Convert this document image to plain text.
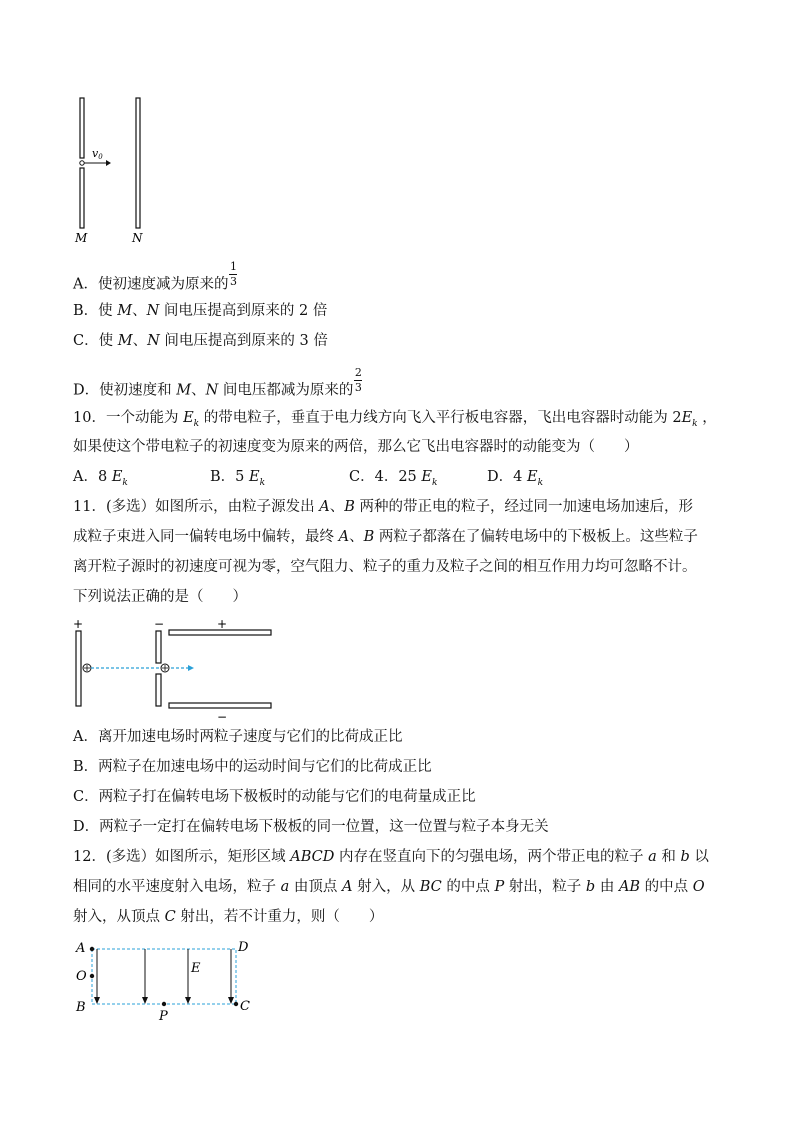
v0
M	N
A．使初速度减为原来的 $\frac{1}{3}$
B．使 M、N 间电压提高到原来的 2 倍
C．使 M、N 间电压提高到原来的 3 倍
D．使初速度和 M、N 间电压都减为原来的 $\frac{2}{3}$
10．一个动能为 $E_k$ 的带电粒子，垂直于电力线方向飞入平行板电容器，飞出电容器时动能为 $2E_k$ ，
如果使这个带电粒子的初速度变为原来的两倍，那么它飞出电容器时的动能变为（　　）
A．8 $E_k$	B．5 $E_k$	C．4．25 $E_k$	D．4 $E_k$
11．(多选）如图所示，由粒子源发出 A、B 两种的带正电的粒子，经过同一加速电场加速后，形
成粒子束进入同一偏转电场中偏转，最终 A、B 两粒子都落在了偏转电场中的下极板上。这些粒子
离开粒子源时的初速度可视为零，空气阻力、粒子的重力及粒子之间的相互作用力均可忽略不计。
下列说法正确的是（　　）
+	−	+
−
A．离开加速电场时两粒子速度与它们的比荷成正比
B．两粒子在加速电场中的运动时间与它们的比荷成正比
C．两粒子打在偏转电场下极板时的动能与它们的电荷量成正比
D．两粒子一定打在偏转电场下极板的同一位置，这一位置与粒子本身无关
12．(多选）如图所示，矩形区域 ABCD 内存在竖直向下的匀强电场，两个带正电的粒子 a 和 b 以
相同的水平速度射入电场，粒子 a 由顶点 A 射入，从 BC 的中点 P 射出，粒子 b 由 AB 的中点 O
射入，从顶点 C 射出，若不计重力，则（　　）
A
O
B
P
D
C
E
